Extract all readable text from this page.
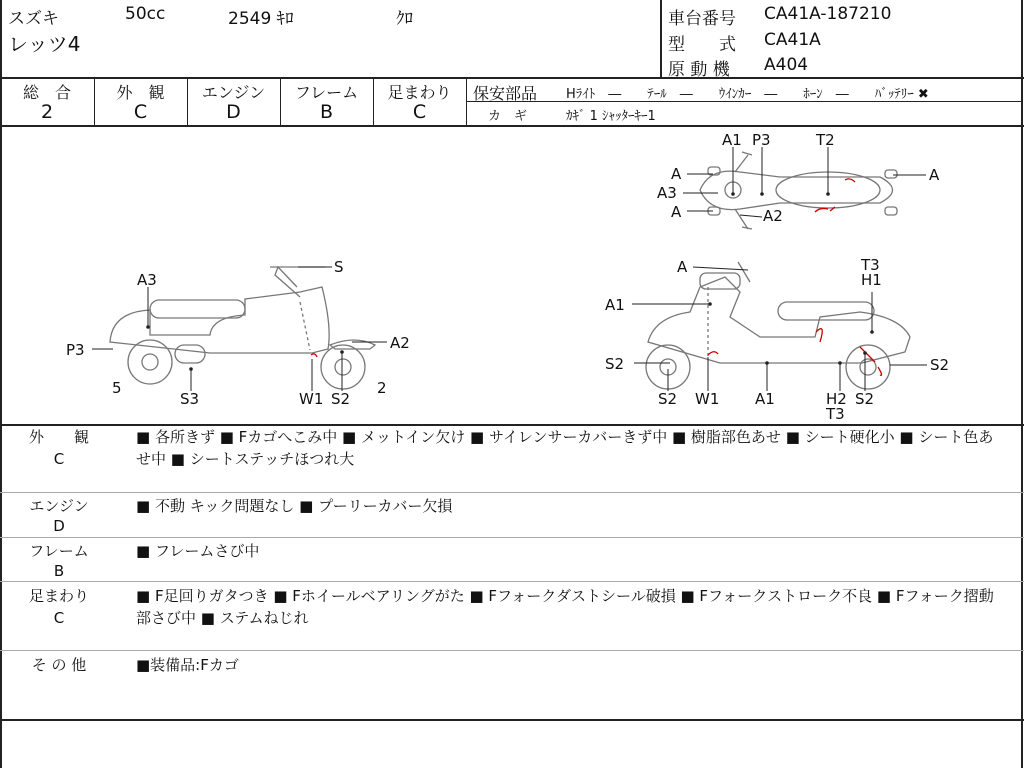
スズキ	50cc	2549 ｷﾛ	ｸﾛ
レッツ4
車台番号 CA41A-187210
型　　式 CA41A
原 動 機 A404
総　合
2
外　観
C
エンジン
D
フレーム
B
足まわり
C
保安部品 Hﾗｲﾄ　―　　ﾃｰﾙ　―　　ｳｲﾝｶｰ　―　　ﾎｰﾝ　―　　ﾊﾞｯﾃﾘｰ ✖
カ　ギ	ｶｷﾞ 1 ｼｬｯﾀｰｷｰ1
S
A3
A2
P3
5
S3	W1 S2
2
A1 P3	T2
A	A
A3
A	A2
A	T3
H1
A1
S2	S2
S2 W1 A1	H2 S2
T3
外　　観
C
■ 各所きず ■ Fカゴへこみ中 ■ メットイン欠け ■ サイレンサーカバーきず中 ■ 樹脂部色あせ ■ シート硬化小 ■ シート色あせ中 ■ シートステッチほつれ大
エンジン
D
■ 不動 キック問題なし ■ プーリーカバー欠損
フレーム
B
■ フレームさび中
足まわり
C
■ F足回りガタつき ■ Fホイールベアリングがた ■ Fフォークダストシール破損 ■ Fフォークストローク不良 ■ Fフォーク摺動部さび中 ■ ステムねじれ
そ の 他	■装備品:Fカゴ
